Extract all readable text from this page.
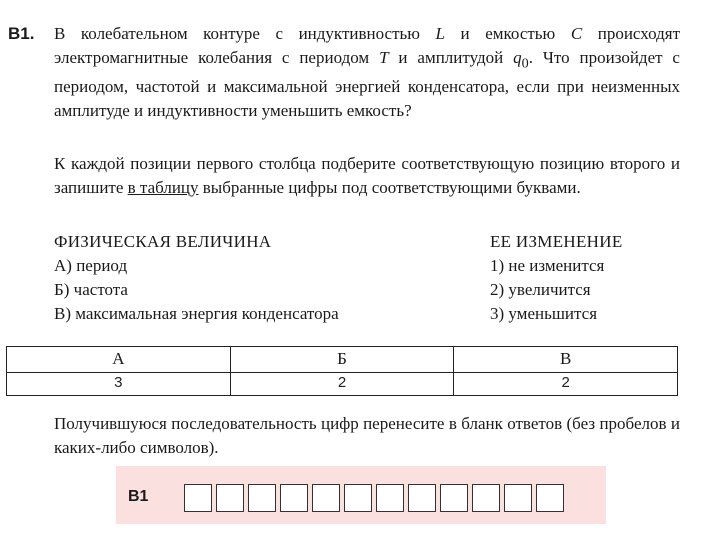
B1. В колебательном контуре с индуктивностью L и емкостью C происходят электромагнитные колебания с периодом T и амплитудой $q_0$. Что произойдет с периодом, частотой и максимальной энергией конденсатора, если при неизменных амплитуде и индуктивности уменьшить емкость?
К каждой позиции первого столбца подберите соответствующую позицию второго и запишите в таблицу выбранные цифры под соответствующими буквами.
ФИЗИЧЕСКАЯ ВЕЛИЧИНА	ЕЕ ИЗМЕНЕНИЕ
А) период
Б) частота
В) максимальная энергия конденсатора
1) не изменится
2) увеличится
3) уменьшится
А	Б	В
3	2	2
Получившуюся последовательность цифр перенесите в бланк ответов (без пробелов и каких-либо символов).
В1
